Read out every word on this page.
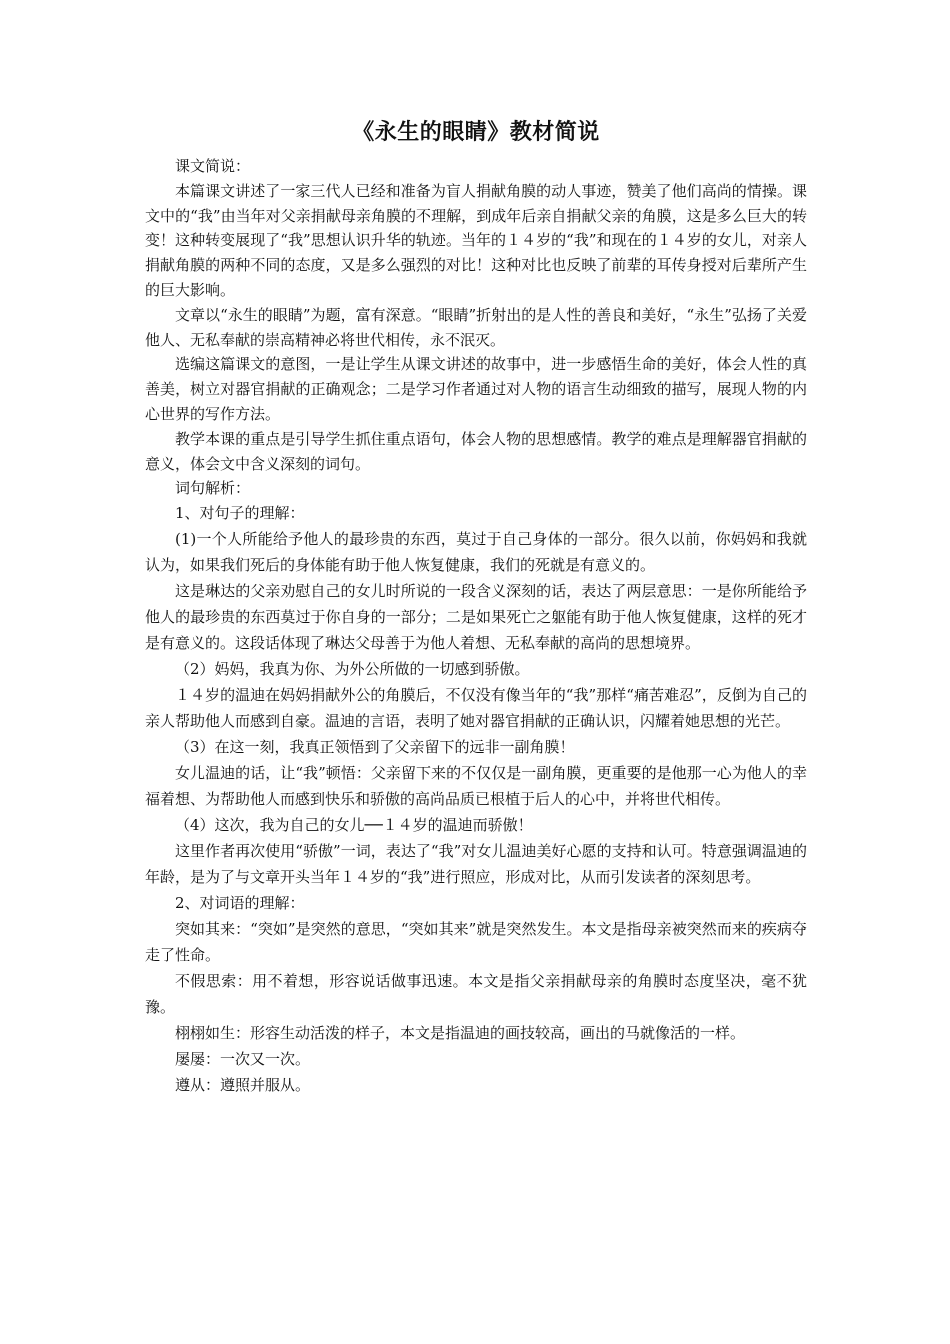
《永生的眼睛》教材简说

课文简说：

本篇课文讲述了一家三代人已经和准备为盲人捐献角膜的动人事迹，赞美了他们高尚的情操。课文中的“我”由当年对父亲捐献母亲角膜的不理解，到成年后亲自捐献父亲的角膜，这是多么巨大的转变！这种转变展现了“我”思想认识升华的轨迹。当年的１４岁的“我”和现在的１４岁的女儿，对亲人捐献角膜的两种不同的态度，又是多么强烈的对比！这种对比也反映了前辈的耳传身授对后辈所产生的巨大影响。

文章以“永生的眼睛”为题，富有深意。“眼睛”折射出的是人性的善良和美好，“永生”弘扬了关爱他人、无私奉献的崇高精神必将世代相传，永不泯灭。

选编这篇课文的意图，一是让学生从课文讲述的故事中，进一步感悟生命的美好，体会人性的真善美，树立对器官捐献的正确观念；二是学习作者通过对人物的语言生动细致的描写，展现人物的内心世界的写作方法。

教学本课的重点是引导学生抓住重点语句，体会人物的思想感情。教学的难点是理解器官捐献的意义，体会文中含义深刻的词句。

词句解析：

1、对句子的理解：

(1)一个人所能给予他人的最珍贵的东西，莫过于自己身体的一部分。很久以前，你妈妈和我就认为，如果我们死后的身体能有助于他人恢复健康，我们的死就是有意义的。

这是琳达的父亲劝慰自己的女儿时所说的一段含义深刻的话，表达了两层意思：一是你所能给予他人的最珍贵的东西莫过于你自身的一部分；二是如果死亡之躯能有助于他人恢复健康，这样的死才是有意义的。这段话体现了琳达父母善于为他人着想、无私奉献的高尚的思想境界。

（2）妈妈，我真为你、为外公所做的一切感到骄傲。

１４岁的温迪在妈妈捐献外公的角膜后，不仅没有像当年的“我”那样“痛苦难忍”，反倒为自己的亲人帮助他人而感到自豪。温迪的言语，表明了她对器官捐献的正确认识，闪耀着她思想的光芒。

（3）在这一刻，我真正领悟到了父亲留下的远非一副角膜！

女儿温迪的话，让“我”顿悟：父亲留下来的不仅仅是一副角膜，更重要的是他那一心为他人的幸福着想、为帮助他人而感到快乐和骄傲的高尚品质已根植于后人的心中，并将世代相传。

（4）这次，我为自己的女儿──１４岁的温迪而骄傲！

这里作者再次使用“骄傲”一词，表达了“我”对女儿温迪美好心愿的支持和认可。特意强调温迪的年龄，是为了与文章开头当年１４岁的“我”进行照应，形成对比，从而引发读者的深刻思考。

2、对词语的理解：

突如其来：“突如”是突然的意思，“突如其来”就是突然发生。本文是指母亲被突然而来的疾病夺走了性命。

不假思索：用不着想，形容说话做事迅速。本文是指父亲捐献母亲的角膜时态度坚决，毫不犹豫。

栩栩如生：形容生动活泼的样子，本文是指温迪的画技较高，画出的马就像活的一样。

屡屡：一次又一次。

遵从：遵照并服从。
